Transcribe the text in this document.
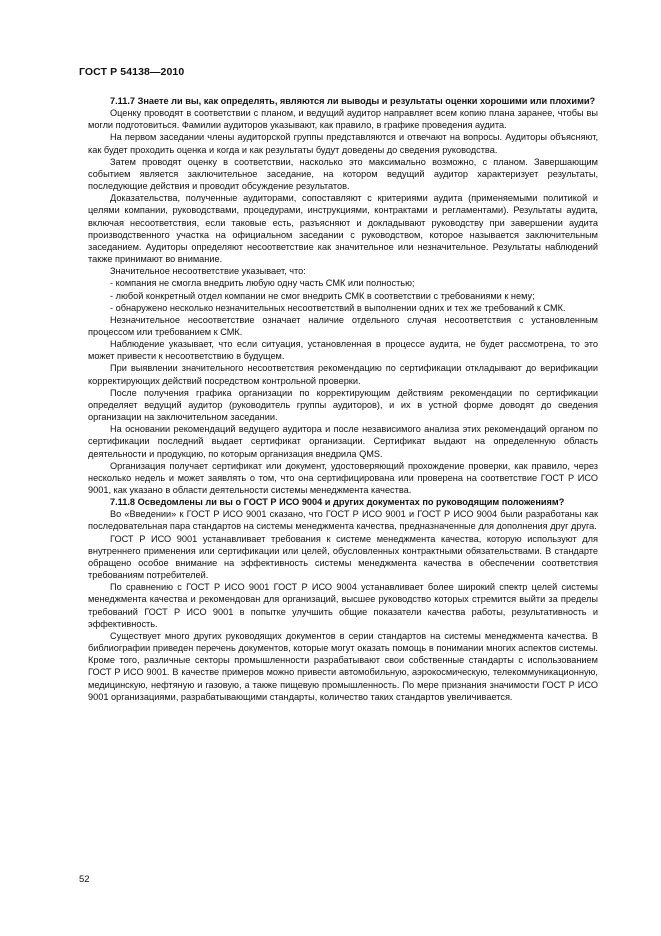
ГОСТ Р 54138—2010

7.11.7 Знаете ли вы, как определять, являются ли выводы и результаты оценки хорошими или плохими?

Оценку проводят в соответствии с планом, и ведущий аудитор направляет всем копию плана заранее, чтобы вы могли подготовиться. Фамилии аудиторов указывают, как правило, в графике проведения аудита.

На первом заседании члены аудиторской группы представляются и отвечают на вопросы. Аудиторы объясняют, как будет проходить оценка и когда и как результаты будут доведены до сведения руководства.

Затем проводят оценку в соответствии, насколько это максимально возможно, с планом. Завершающим событием является заключительное заседание, на котором ведущий аудитор характеризует результаты, последующие действия и проводит обсуждение результатов.

Доказательства, полученные аудиторами, сопоставляют с критериями аудита (применяемыми политикой и целями компании, руководствами, процедурами, инструкциями, контрактами и регламентами). Результаты аудита, включая несоответствия, если таковые есть, разъясняют и докладывают руководству при завершении аудита производственного участка на официальном заседании с руководством, которое называется заключительным заседанием. Аудиторы определяют несоответствие как значительное или незначительное. Результаты наблюдений также принимают во внимание.

Значительное несоответствие указывает, что:

- компания не смогла внедрить любую одну часть СМК или полностью;

- любой конкретный отдел компании не смог внедрить СМК в соответствии с требованиями к нему;

- обнаружено несколько незначительных несоответствий в выполнении одних и тех же требований к СМК.

Незначительное несоответствие означает наличие отдельного случая несоответствия с установленным процессом или требованием к СМК.

Наблюдение указывает, что если ситуация, установленная в процессе аудита, не будет рассмотрена, то это может привести к несоответствию в будущем.

При выявлении значительного несоответствия рекомендацию по сертификации откладывают до верификации корректирующих действий посредством контрольной проверки.

После получения графика организации по корректирующим действиям рекомендации по сертификации определяет ведущий аудитор (руководитель группы аудиторов), и их в устной форме доводят до сведения организации на заключительном заседании.

На основании рекомендаций ведущего аудитора и после независимого анализа этих рекомендаций органом по сертификации последний выдает сертификат организации. Сертификат выдают на определенную область деятельности и продукцию, по которым организация внедрила QMS.

Организация получает сертификат или документ, удостоверяющий прохождение проверки, как правило, через несколько недель и может заявлять о том, что она сертифицирована или проверена на соответствие ГОСТ Р ИСО 9001, как указано в области деятельности системы менеджмента качества.

7.11.8 Осведомлены ли вы о ГОСТ Р ИСО 9004 и других документах по руководящим положениям?

Во «Введении» к ГОСТ Р ИСО 9001 сказано, что ГОСТ Р ИСО 9001 и ГОСТ Р ИСО 9004 были разработаны как последовательная пара стандартов на системы менеджмента качества, предназначенные для дополнения друг друга.

ГОСТ Р ИСО 9001 устанавливает требования к системе менеджмента качества, которую используют для внутреннего применения или сертификации или целей, обусловленных контрактными обязательствами. В стандарте обращено особое внимание на эффективность системы менеджмента качества в обеспечении соответствия требованиям потребителей.

По сравнению с ГОСТ Р ИСО 9001 ГОСТ Р ИСО 9004 устанавливает более широкий спектр целей системы менеджмента качества и рекомендован для организаций, высшее руководство которых стремится выйти за пределы требований ГОСТ Р ИСО 9001 в попытке улучшить общие показатели качества работы, результативность и эффективность.

Существует много других руководящих документов в серии стандартов на системы менеджмента качества. В библиографии приведен перечень документов, которые могут оказать помощь в понимании многих аспектов системы. Кроме того, различные секторы промышленности разрабатывают свои собственные стандарты с использованием ГОСТ Р ИСО 9001. В качестве примеров можно привести автомобильную, аэрокосмическую, телекоммуникационную, медицинскую, нефтяную и газовую, а также пищевую промышленность. По мере признания значимости ГОСТ Р ИСО 9001 организациями, разрабатывающими стандарты, количество таких стандартов увеличивается.

52
